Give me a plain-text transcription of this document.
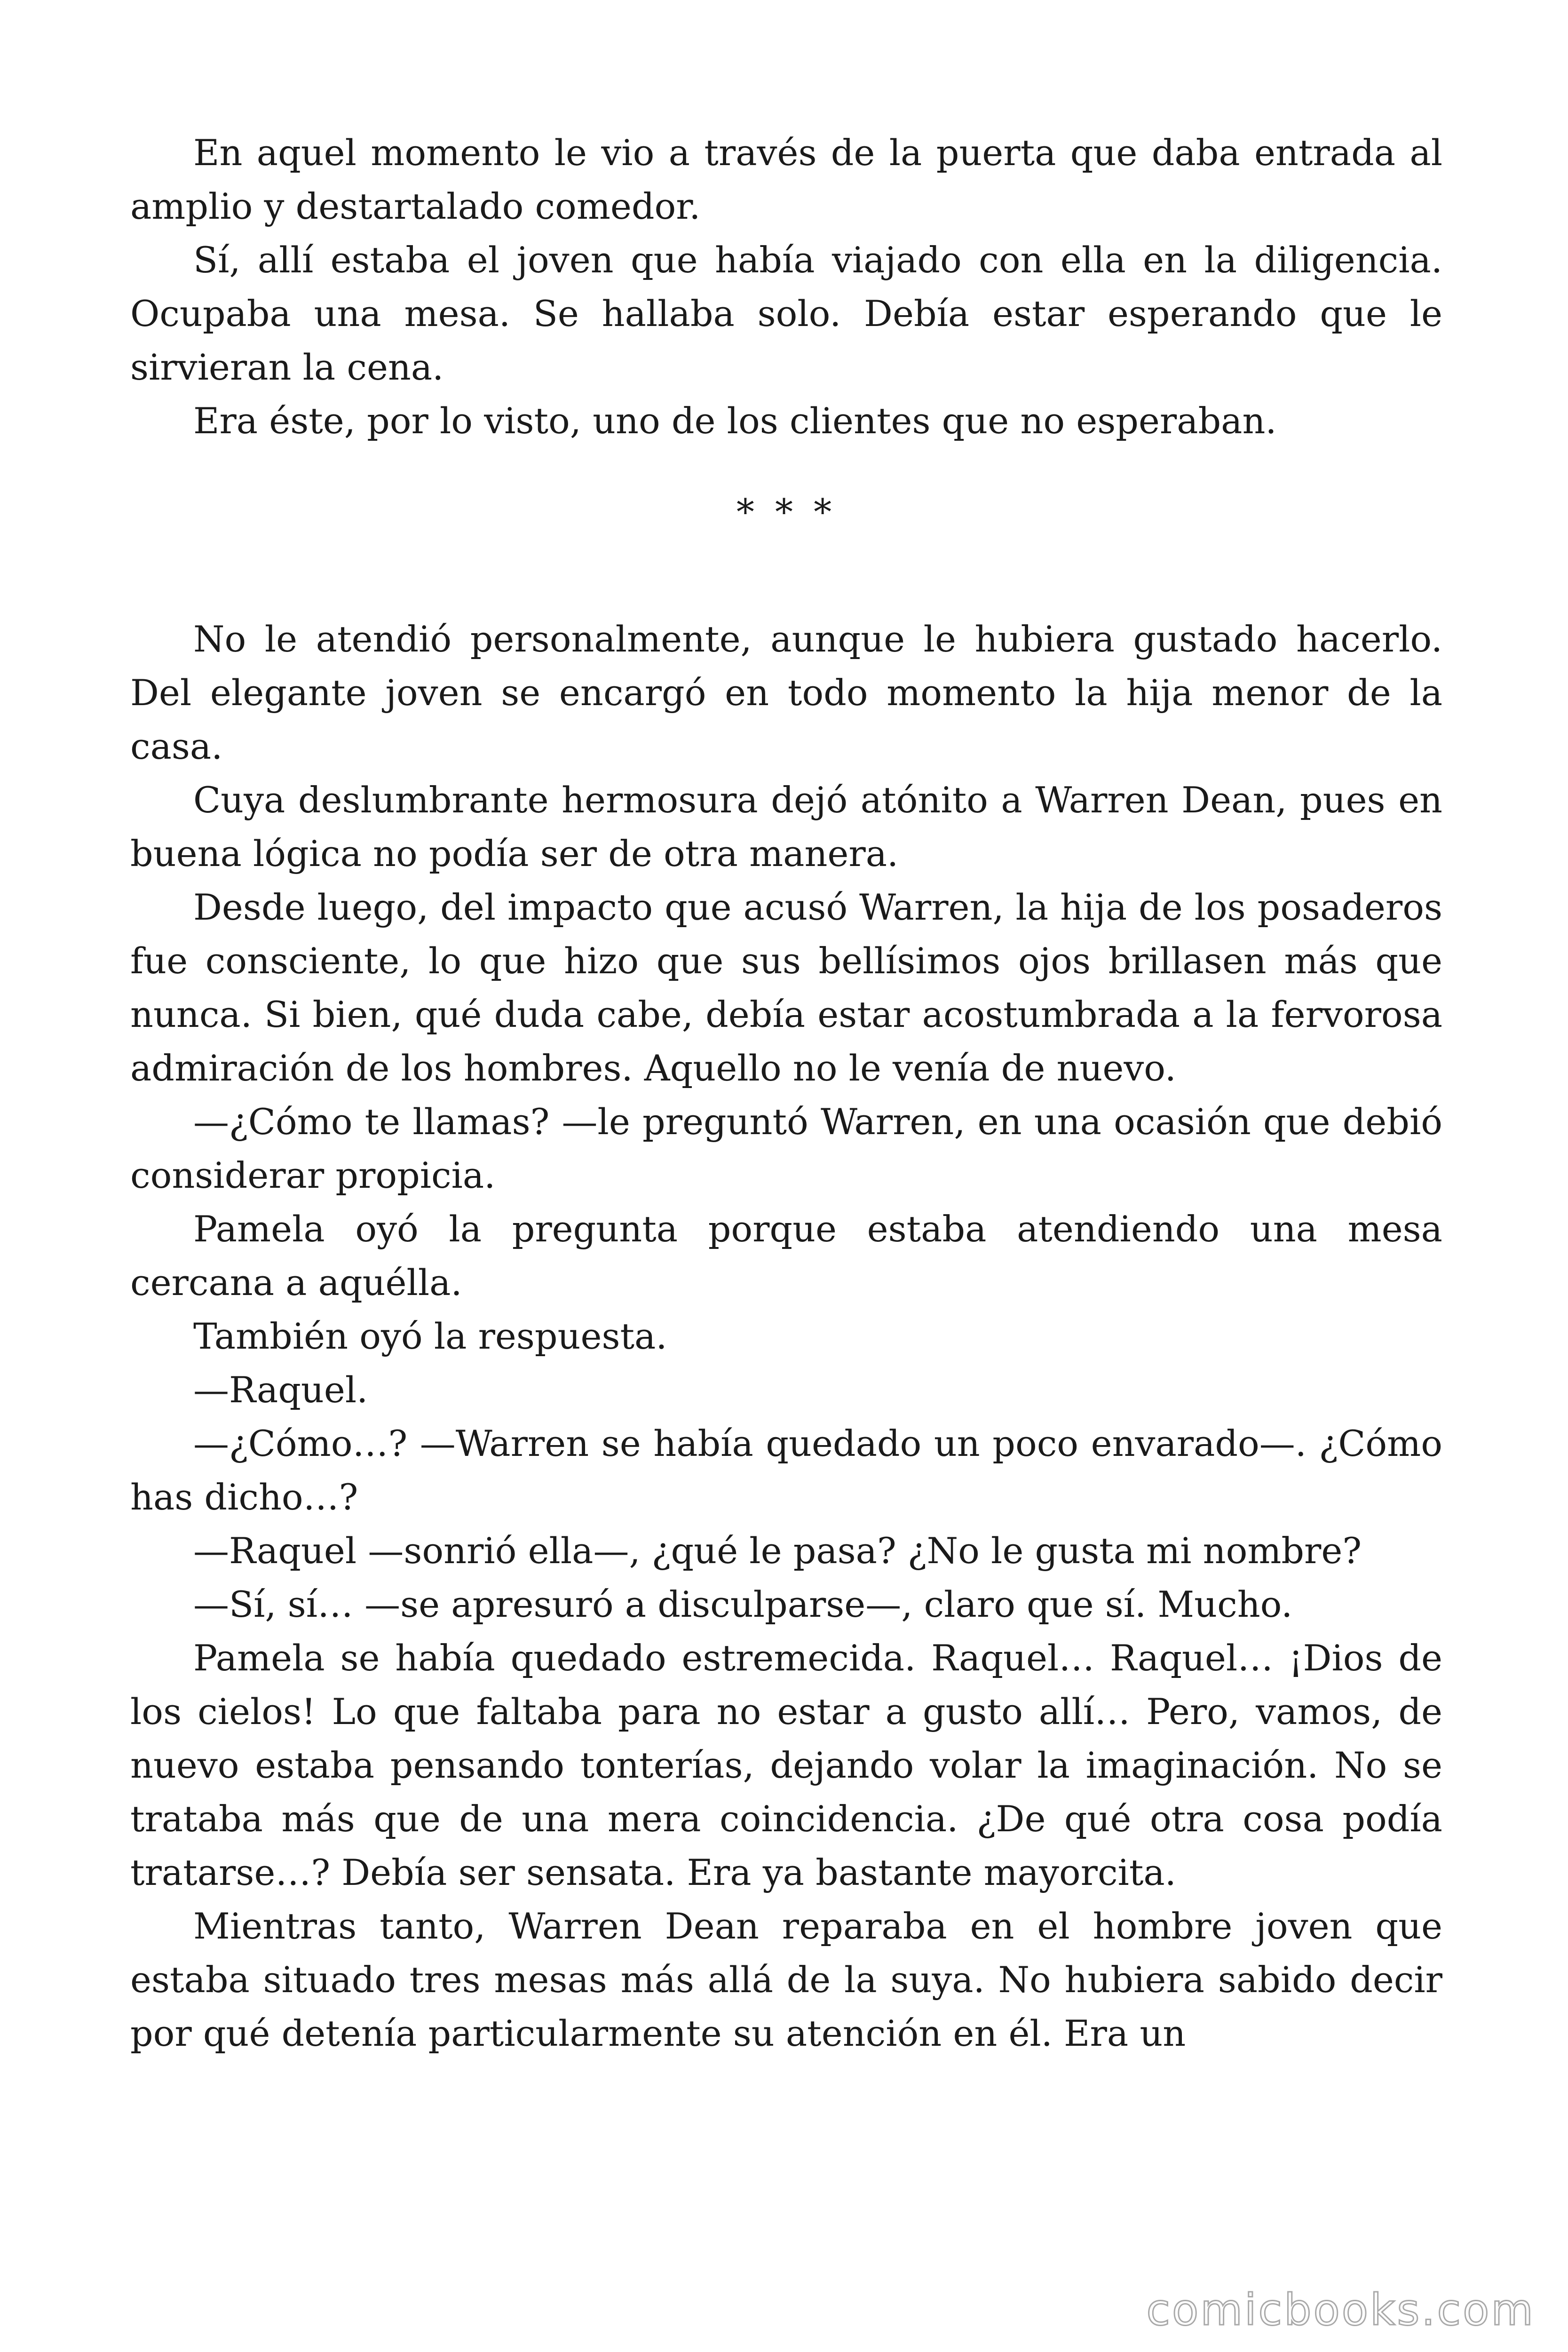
En aquel momento le vio a través de la puerta que daba entrada al amplio y destartalado comedor.

Sí, allí estaba el joven que había viajado con ella en la diligencia. Ocupaba una mesa. Se hallaba solo. Debía estar esperando que le sirvieran la cena.

Era éste, por lo visto, uno de los clientes que no esperaban.

* * *

No le atendió personalmente, aunque le hubiera gustado hacerlo. Del elegante joven se encargó en todo momento la hija menor de la casa.

Cuya deslumbrante hermosura dejó atónito a Warren Dean, pues en buena lógica no podía ser de otra manera.

Desde luego, del impacto que acusó Warren, la hija de los posaderos fue consciente, lo que hizo que sus bellísimos ojos brillasen más que nunca. Si bien, qué duda cabe, debía estar acostumbrada a la fervorosa admiración de los hombres. Aquello no le venía de nuevo.

—¿Cómo te llamas? —le preguntó Warren, en una ocasión que debió considerar propicia.

Pamela oyó la pregunta porque estaba atendiendo una mesa cercana a aquélla.

También oyó la respuesta.

—Raquel.

—¿Cómo…? —Warren se había quedado un poco envarado—. ¿Cómo has dicho…?

—Raquel —sonrió ella—, ¿qué le pasa? ¿No le gusta mi nombre?

—Sí, sí… —se apresuró a disculparse—, claro que sí. Mucho.

Pamela se había quedado estremecida. Raquel… Raquel… ¡Dios de los cielos! Lo que faltaba para no estar a gusto allí… Pero, vamos, de nuevo estaba pensando tonterías, dejando volar la imaginación. No se trataba más que de una mera coincidencia. ¿De qué otra cosa podía tratarse…? Debía ser sensata. Era ya bastante mayorcita.

Mientras tanto, Warren Dean reparaba en el hombre joven que estaba situado tres mesas más allá de la suya. No hubiera sabido decir por qué detenía particularmente su atención en él. Era un

comicbooks.com
